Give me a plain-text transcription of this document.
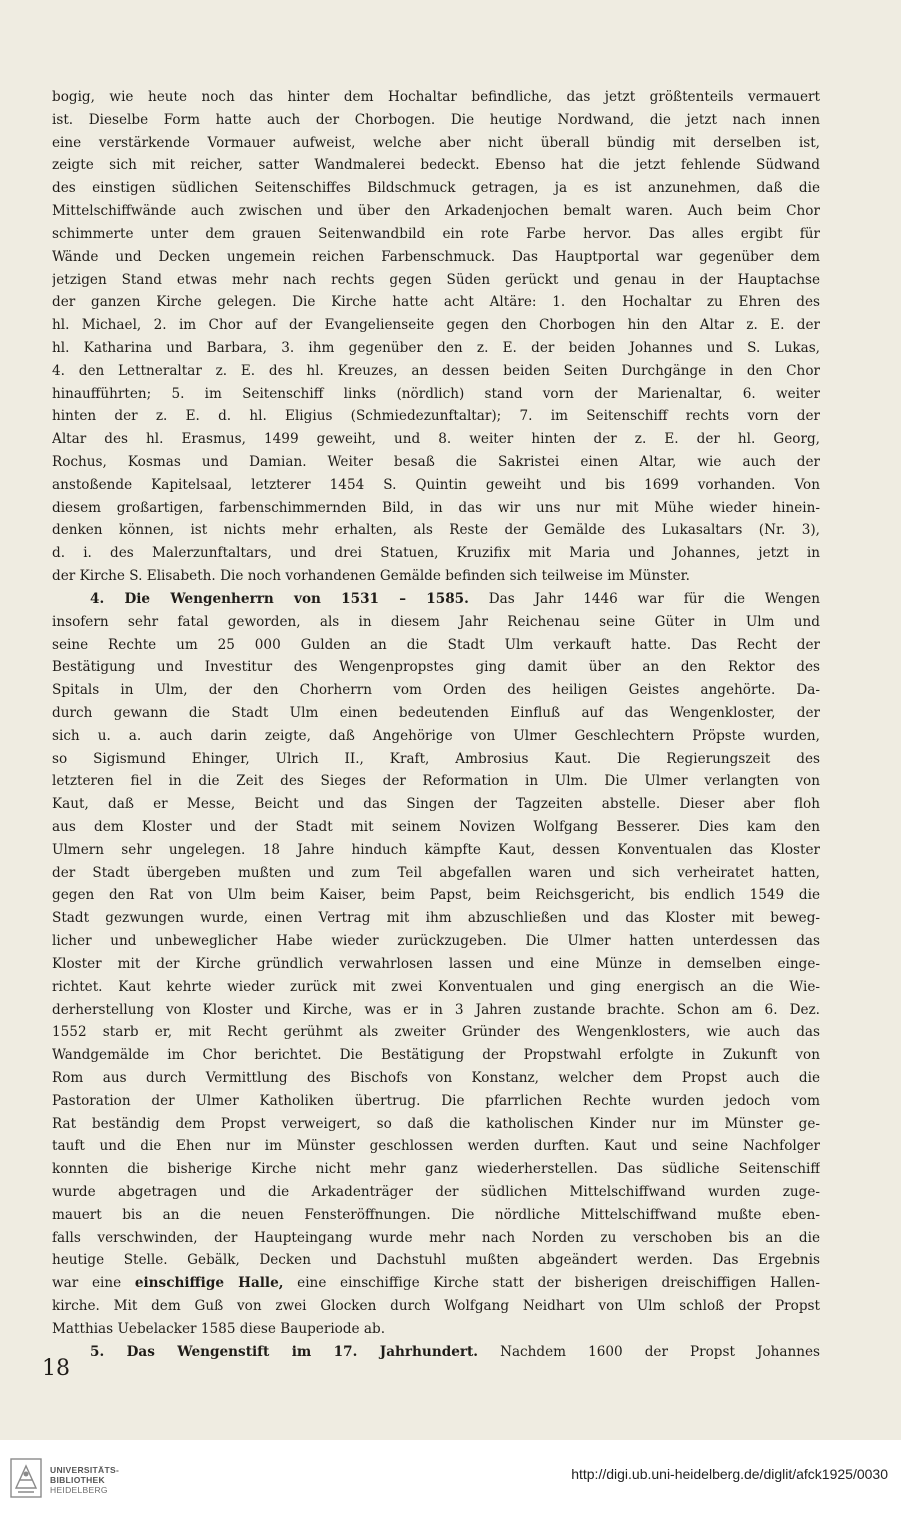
bogig, wie heute noch das hinter dem Hochaltar befindliche, das jetzt größtenteils vermauert
ist. Dieselbe Form hatte auch der Chorbogen. Die heutige Nordwand, die jetzt nach innen
eine verstärkende Vormauer aufweist, welche aber nicht überall bündig mit derselben ist,
zeigte sich mit reicher, satter Wandmalerei bedeckt. Ebenso hat die jetzt fehlende Südwand
des einstigen südlichen Seitenschiffes Bildschmuck getragen, ja es ist anzunehmen, daß die
Mittelschiffwände auch zwischen und über den Arkadenjochen bemalt waren. Auch beim Chor
schimmerte unter dem grauen Seitenwandbild ein rote Farbe hervor. Das alles ergibt für
Wände und Decken ungemein reichen Farbenschmuck. Das Hauptportal war gegenüber dem
jetzigen Stand etwas mehr nach rechts gegen Süden gerückt und genau in der Hauptachse
der ganzen Kirche gelegen. Die Kirche hatte acht Altäre: 1. den Hochaltar zu Ehren des
hl. Michael, 2. im Chor auf der Evangelienseite gegen den Chorbogen hin den Altar z. E. der
hl. Katharina und Barbara, 3. ihm gegenüber den z. E. der beiden Johannes und S. Lukas,
4. den Lettneraltar z. E. des hl. Kreuzes, an dessen beiden Seiten Durchgänge in den Chor
hinaufführten; 5. im Seitenschiff links (nördlich) stand vorn der Marienaltar, 6. weiter
hinten der z. E. d. hl. Eligius (Schmiedezunftaltar); 7. im Seitenschiff rechts vorn der
Altar des hl. Erasmus, 1499 geweiht, und 8. weiter hinten der z. E. der hl. Georg,
Rochus, Kosmas und Damian. Weiter besaß die Sakristei einen Altar, wie auch der
anstoßende Kapitelsaal, letzterer 1454 S. Quintin geweiht und bis 1699 vorhanden. Von
diesem großartigen, farbenschimmernden Bild, in das wir uns nur mit Mühe wieder hinein-
denken können, ist nichts mehr erhalten, als Reste der Gemälde des Lukasaltars (Nr. 3),
d. i. des Malerzunftaltars, und drei Statuen, Kruzifix mit Maria und Johannes, jetzt in
der Kirche S. Elisabeth. Die noch vorhandenen Gemälde befinden sich teilweise im Münster.
4. Die Wengenherrn von 1531 – 1585. Das Jahr 1446 war für die Wengen
insofern sehr fatal geworden, als in diesem Jahr Reichenau seine Güter in Ulm und
seine Rechte um 25 000 Gulden an die Stadt Ulm verkauft hatte. Das Recht der
Bestätigung und Investitur des Wengenpropstes ging damit über an den Rektor des
Spitals in Ulm, der den Chorherrn vom Orden des heiligen Geistes angehörte. Da-
durch gewann die Stadt Ulm einen bedeutenden Einfluß auf das Wengenkloster, der
sich u. a. auch darin zeigte, daß Angehörige von Ulmer Geschlechtern Pröpste wurden,
so Sigismund Ehinger, Ulrich II., Kraft, Ambrosius Kaut. Die Regierungszeit des
letzteren fiel in die Zeit des Sieges der Reformation in Ulm. Die Ulmer verlangten von
Kaut, daß er Messe, Beicht und das Singen der Tagzeiten abstelle. Dieser aber floh
aus dem Kloster und der Stadt mit seinem Novizen Wolfgang Besserer. Dies kam den
Ulmern sehr ungelegen. 18 Jahre hinduch kämpfte Kaut, dessen Konventualen das Kloster
der Stadt übergeben mußten und zum Teil abgefallen waren und sich verheiratet hatten,
gegen den Rat von Ulm beim Kaiser, beim Papst, beim Reichsgericht, bis endlich 1549 die
Stadt gezwungen wurde, einen Vertrag mit ihm abzuschließen und das Kloster mit beweg-
licher und unbeweglicher Habe wieder zurückzugeben. Die Ulmer hatten unterdessen das
Kloster mit der Kirche gründlich verwahrlosen lassen und eine Münze in demselben einge-
richtet. Kaut kehrte wieder zurück mit zwei Konventualen und ging energisch an die Wie-
derherstellung von Kloster und Kirche, was er in 3 Jahren zustande brachte. Schon am 6. Dez.
1552 starb er, mit Recht gerühmt als zweiter Gründer des Wengenklosters, wie auch das
Wandgemälde im Chor berichtet. Die Bestätigung der Propstwahl erfolgte in Zukunft von
Rom aus durch Vermittlung des Bischofs von Konstanz, welcher dem Propst auch die
Pastoration der Ulmer Katholiken übertrug. Die pfarrlichen Rechte wurden jedoch vom
Rat beständig dem Propst verweigert, so daß die katholischen Kinder nur im Münster ge-
tauft und die Ehen nur im Münster geschlossen werden durften. Kaut und seine Nachfolger
konnten die bisherige Kirche nicht mehr ganz wiederherstellen. Das südliche Seitenschiff
wurde abgetragen und die Arkadenträger der südlichen Mittelschiffwand wurden zuge-
mauert bis an die neuen Fensteröffnungen. Die nördliche Mittelschiffwand mußte eben-
falls verschwinden, der Haupteingang wurde mehr nach Norden zu verschoben bis an die
heutige Stelle. Gebälk, Decken und Dachstuhl mußten abgeändert werden. Das Ergebnis
war eine einschiffige Halle, eine einschiffige Kirche statt der bisherigen dreischiffigen Hallen-
kirche. Mit dem Guß von zwei Glocken durch Wolfgang Neidhart von Ulm schloß der Propst
Matthias Uebelacker 1585 diese Bauperiode ab.
5. Das Wengenstift im 17. Jahrhundert. Nachdem 1600 der Propst Johannes
18
UNIVERSITÄTS-
BIBLIOTHEK
HEIDELBERG
http://digi.ub.uni-heidelberg.de/diglit/afck1925/0030
